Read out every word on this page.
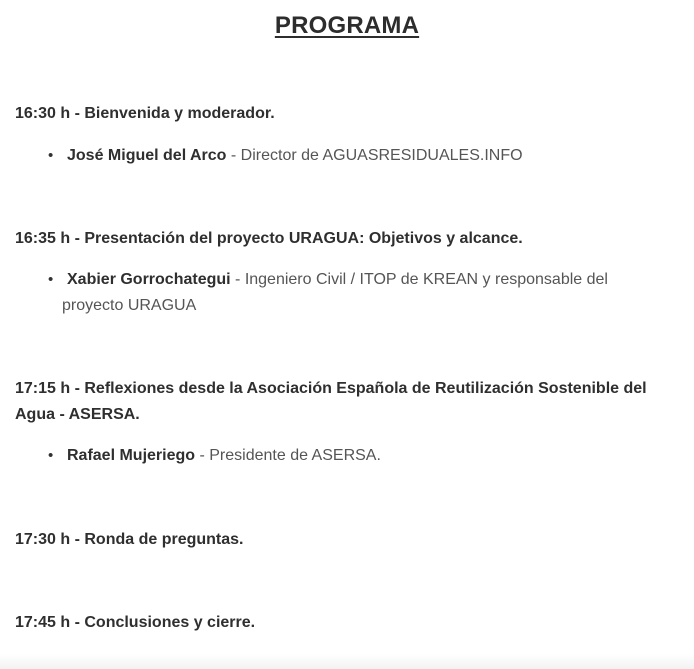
PROGRAMA
16:30 h - Bienvenida y moderador.
• José Miguel del Arco - Director de AGUASRESIDUALES.INFO
16:35 h - Presentación del proyecto URAGUA: Objetivos y alcance.
• Xabier Gorrochategui - Ingeniero Civil / ITOP de KREAN y responsable del proyecto URAGUA
17:15 h - Reflexiones desde la Asociación Española de Reutilización Sostenible del Agua - ASERSA.
• Rafael Mujeriego - Presidente de ASERSA.
17:30 h - Ronda de preguntas.
17:45 h - Conclusiones y cierre.
